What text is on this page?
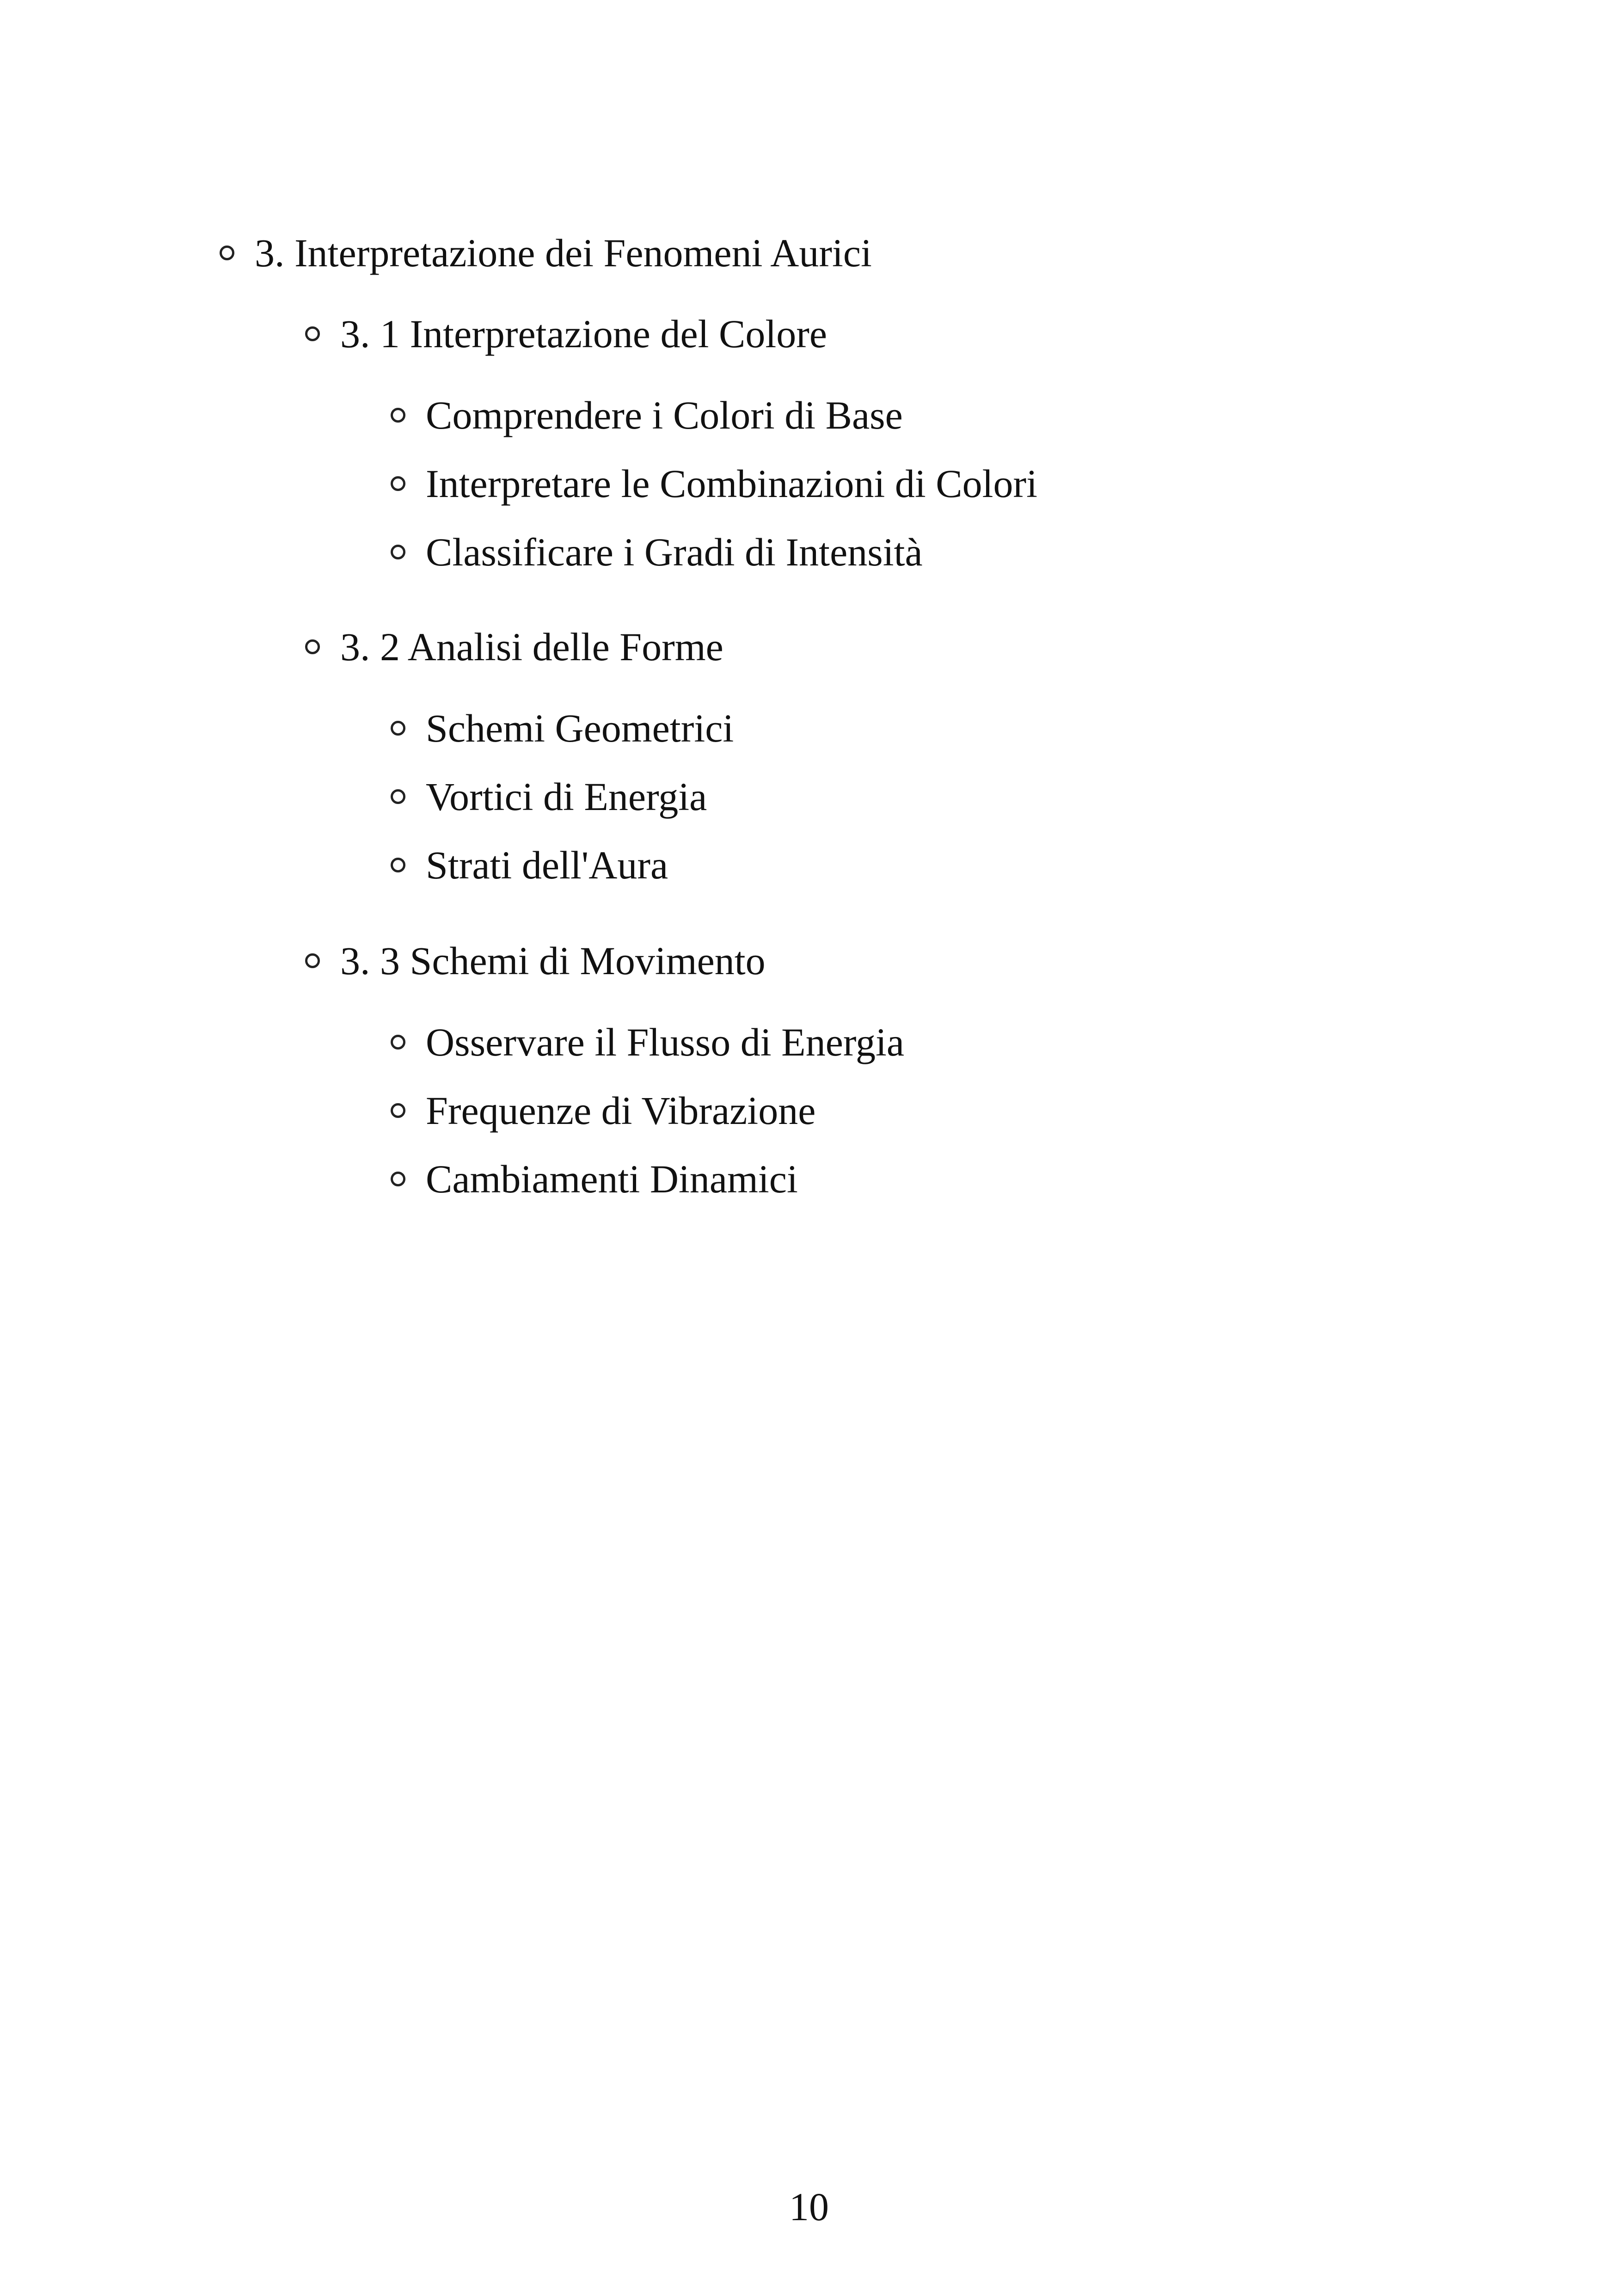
3. Interpretazione dei Fenomeni Aurici
3. 1 Interpretazione del Colore
Comprendere i Colori di Base
Interpretare le Combinazioni di Colori
Classificare i Gradi di Intensità
3. 2 Analisi delle Forme
Schemi Geometrici
Vortici di Energia
Strati dell'Aura
3. 3 Schemi di Movimento
Osservare il Flusso di Energia
Frequenze di Vibrazione
Cambiamenti Dinamici
10
